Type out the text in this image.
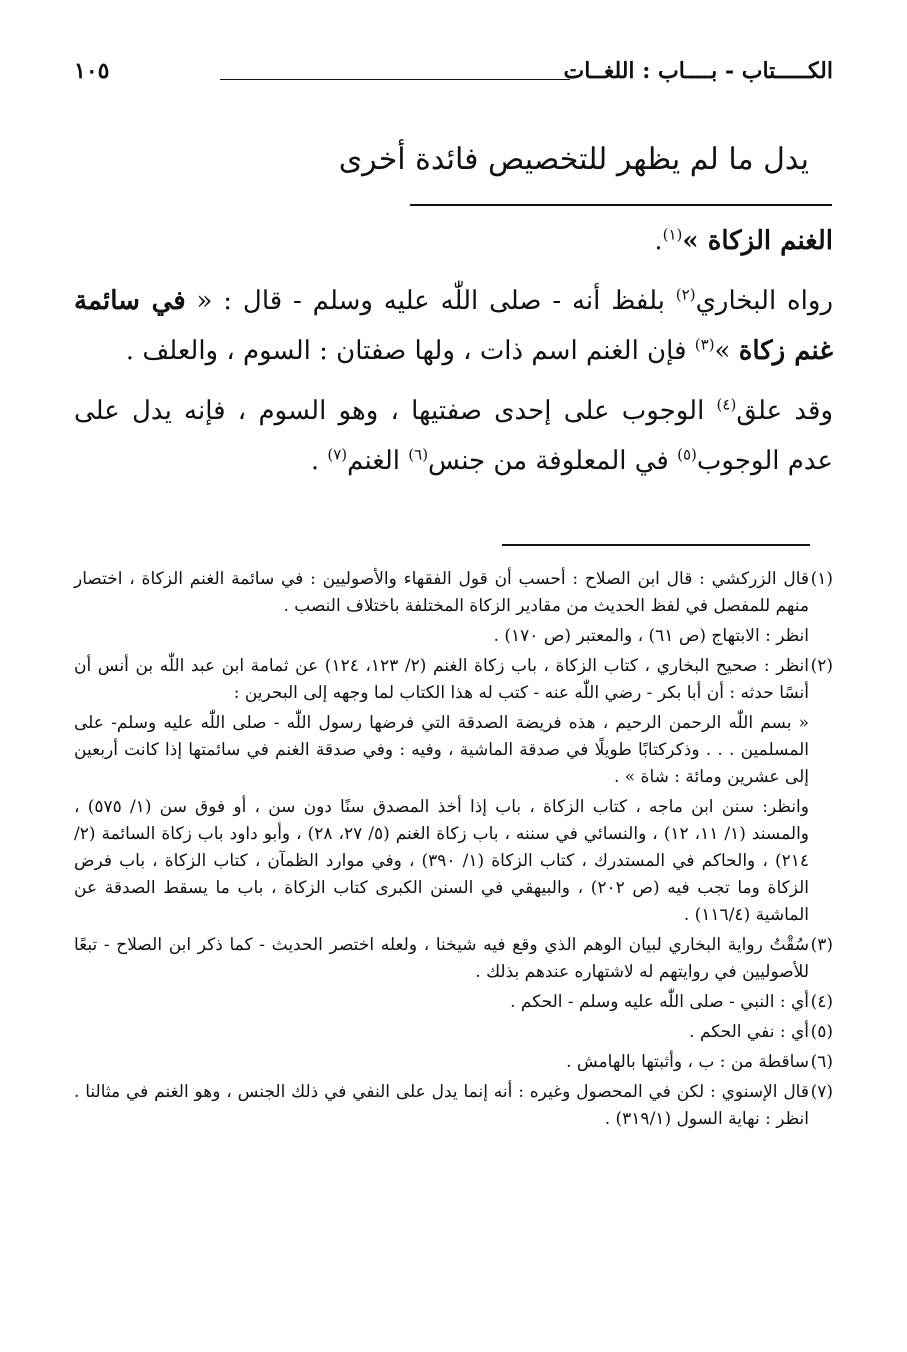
الكـــــتاب - بــــاب : اللغــات
١٠٥
يدل ما لم يظهر للتخصيص فائدة أخرى

الغنم الزكاة »$^{(١)}$.

رواه البخاري$^{(٢)}$ بلفظ أنه - صلى اللّٰه عليه وسلم - قال : « في سائمة غنم زكاة »$^{(٣)}$ فإن الغنم اسم ذات ، ولها صفتان : السوم ، والعلف .

وقد علق$^{(٤)}$ الوجوب على إحدى صفتيها ، وهو السوم ، فإنه يدل على عدم الوجوب$^{(٥)}$ في المعلوفة من جنس$^{(٦)}$ الغنم$^{(٧)}$ .

(١)قال الزركشي : قال ابن الصلاح : أحسب أن قول الفقهاء والأصوليين : في سائمة الغنم الزكاة ، اختصار منهم للمفصل في لفظ الحديث من مقادير الزكاة المختلفة باختلاف النصب .

انظر : الابتهاج (ص ٦١) ، والمعتبر (ص ١٧٠) .

(٢)انظر : صحيح البخاري ، كتاب الزكاة ، باب زكاة الغنم (٢/ ١٢٣، ١٢٤) عن ثمامة ابن عبد اللّٰه بن أنس أن أنسًا حدثه : أن أبا بكر - رضي اللّٰه عنه - كتب له هذا الكتاب لما وجهه إلى البحرين :

« بسم اللّٰه الرحمن الرحيم ، هذه فريضة الصدقة التي فرضها رسول اللّٰه - صلى اللّٰه عليه وسلم- على المسلمين . . . وذكركتابًا طويلًا في صدقة الماشية ، وفيه : وفي صدقة الغنم في سائمتها إذا كانت أربعين إلى عشرين ومائة : شاة » .

وانظر: سنن ابن ماجه ، كتاب الزكاة ، باب إذا أخذ المصدق سنًا دون سن ، أو فوق سن (١/ ٥٧٥) ، والمسند (١/ ١١، ١٢) ، والنسائي في سننه ، باب زكاة الغنم (٥/ ٢٧، ٢٨) ، وأبو داود باب زكاة السائمة (٢/ ٢١٤) ، والحاكم في المستدرك ، كتاب الزكاة (١/ ٣٩٠) ، وفي موارد الظمآن ، كتاب الزكاة ، باب فرض الزكاة وما تجب فيه (ص ٢٠٢) ، والبيهقي في السنن الكبرى كتاب الزكاة ، باب ما يسقط الصدقة عن الماشية (١١٦/٤) .

(٣)سُقْتُ رواية البخاري لبيان الوهم الذي وقع فيه شيخنا ، ولعله اختصر الحديث - كما ذكر ابن الصلاح - تبعًا للأصوليين في روايتهم له لاشتهاره عندهم بذلك .

(٤)أي : النبي - صلى اللّٰه عليه وسلم - الحكم .

(٥)أي : نفي الحكم .

(٦)ساقطة من : ب ، وأثبتها بالهامش .

(٧)قال الإسنوي : لكن في المحصول وغيره : أنه إنما يدل على النفي في ذلك الجنس ، وهو الغنم في مثالنا . انظر : نهاية السول (٣١٩/١) .
